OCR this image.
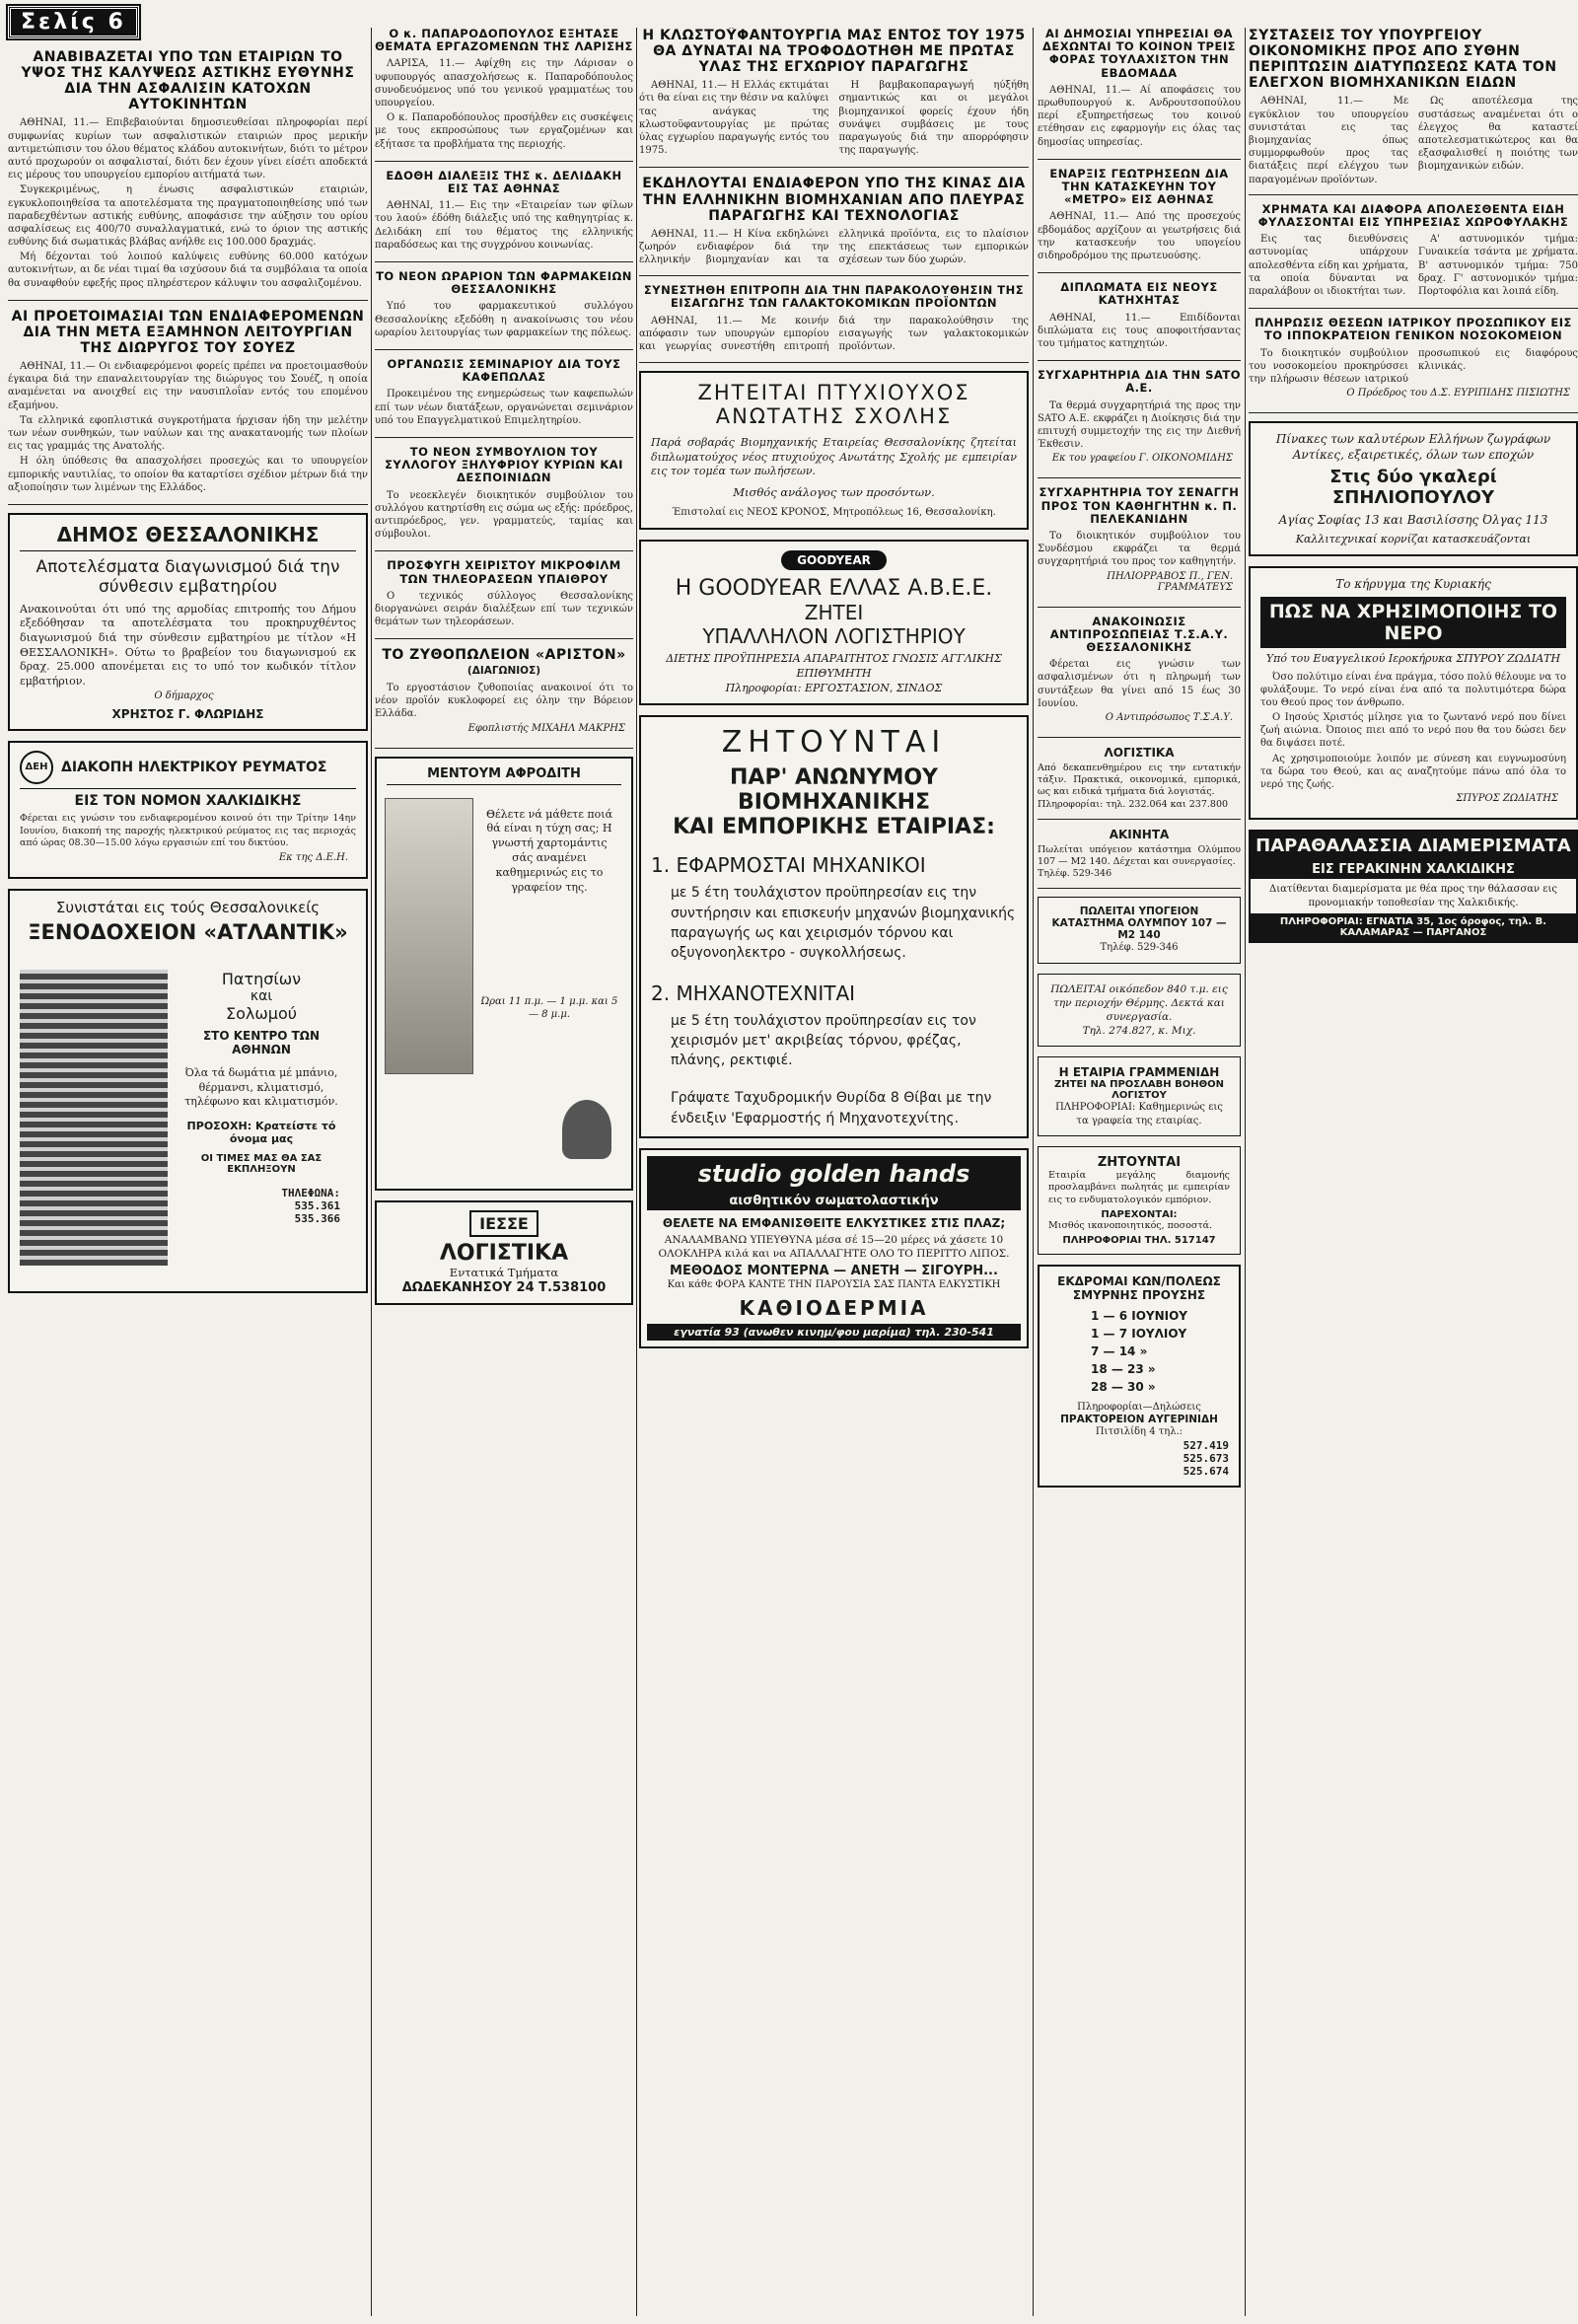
Σελίς 6
ΑΝΑΒΙΒΑΖΕΤΑΙ ΥΠΟ ΤΩΝ ΕΤΑΙΡΙΩΝ ΤΟ ΥΨΟΣ ΤΗΣ ΚΑΛΥΨΕΩΣ ΑΣΤΙΚΗΣ ΕΥΘΥΝΗΣ ΔΙΑ ΤΗΝ ΑΣΦΑΛΙΣΙΝ ΚΑΤΟΧΩΝ ΑΥΤΟΚΙΝΗΤΩΝ

ΑΘΗΝΑΙ, 11.— Επιβεβαιούνται δημοσιευθείσαι πληροφορίαι περί συμφωνίας κυρίων των ασφαλιστικών εταιριών προς μερικήν αντιμετώπισιν του όλου θέματος κλάδου αυτοκινήτων, διότι το μέτρον αυτό προχωρούν οι ασφαλισταί, διότι δεν έχουν γίνει είσέτι αποδεκτά εις μέρους του υπουργείου εμπορίου αιτήματά των.

Συγκεκριμένως, η ένωσις ασφαλιστικών εταιριών, εγκυκλοποιηθείσα τα αποτελέσματα της πραγματοποιηθείσης υπό των παραδεχθέντων αστικής ευθύνης, αποφάσισε την αύξησιν του ορίου ασφαλίσεως εις 400/70 συναλλαγματικά, ενώ το όριον της αστικής ευθύνης διά σωματικάς βλάβας ανήλθε εις 100.000 δραχμάς.

Μή δέχονται τού λοιπού καλύψεις ευθύνης 60.000 κατόχων αυτοκινήτων, αι δε νέαι τιμαί θα ισχύσουν διά τα συμβόλαια τα οποία θα συναφθούν εφεξής προς πληρέστερον κάλυψιν του ασφαλιζομένου.

ΑΙ ΠΡΟΕΤΟΙΜΑΣΙΑΙ ΤΩΝ ΕΝΔΙΑΦΕΡΟΜΕΝΩΝ ΔΙΑ ΤΗΝ ΜΕΤΑ ΕΞΑΜΗΝΟΝ ΛΕΙΤΟΥΡΓΙΑΝ ΤΗΣ ΔΙΩΡΥΓΟΣ ΤΟΥ ΣΟΥΕΖ

ΑΘΗΝΑΙ, 11.— Οι ενδιαφερόμενοι φορείς πρέπει να προετοιμασθούν έγκαιρα διά την επαναλειτουργίαν της διώρυγος του Σουέζ, η οποία αναμένεται να ανοιχθεί εις την ναυσιπλοΐαν εντός του επομένου εξαμήνου.

Τα ελληνικά εφοπλιστικά συγκροτήματα ήρχισαν ήδη την μελέτην των νέων συνθηκών, των ναύλων και της ανακατανομής των πλοίων εις τας γραμμάς της Ανατολής.

Η όλη ύπόθεσις θα απασχολήσει προσεχώς και το υπουργείον εμπορικής ναυτιλίας, το οποίον θα καταρτίσει σχέδιον μέτρων διά την αξιοποίησιν των λιμένων της Ελλάδος.

ΔΗΜΟΣ ΘΕΣΣΑΛΟΝΙΚΗΣ
Αποτελέσματα διαγωνισμού διά την σύνθεσιν εμβατηρίου
Ανακοινούται ότι υπό της αρμοδίας επιτροπής του Δήμου εξεδόθησαν τα αποτελέσματα του προκηρυχθέντος διαγωνισμού διά την σύνθεσιν εμβατηρίου με τίτλον «Η ΘΕΣΣΑΛΟΝΙΚΗ». Ούτω το βραβείον του διαγωνισμού εκ δραχ. 25.000 απονέμεται εις το υπό τον κωδικόν τίτλον εμβατήριον.
Ο δήμαρχος
ΧΡΗΣΤΟΣ Γ. ΦΛΩΡΙΔΗΣ
ΔΕΗ ΔΙΑΚΟΠΗ ΗΛΕΚΤΡΙΚΟΥ ΡΕΥΜΑΤΟΣ
ΕΙΣ ΤΟΝ ΝΟΜΟΝ ΧΑΛΚΙΔΙΚΗΣ
Φέρεται εις γνώσιν του ενδιαφερομένου κοινού ότι την Τρίτην 14ην Ιουνίου, διακοπή της παροχής ηλεκτρικού ρεύματος εις τας περιοχάς από ώρας 08.30—15.00 λόγω εργασιών επί του δικτύου.
Εκ της Δ.Ε.Η.
Συνιστάται εις τούς Θεσσαλονικείς
ΞΕΝΟΔΟΧΕΙΟΝ «ΑΤΛΑΝΤΙΚ»
Πατησίων
και
Σολωμού
ΣΤΟ ΚΕΝΤΡΟ ΤΩΝ ΑΘΗΝΩΝ
Όλα τά δωμάτια μέ μπάνιο, θέρμανσι, κλιματισμό, τηλέφωνο και κλιματισμόν.
ΠΡΟΣΟΧΗ: Κρατείστε τό όνομα μας
ΟΙ ΤΙΜΕΣ ΜΑΣ ΘΑ ΣΑΣ ΕΚΠΛΗΞΟΥΝ
ΤΗΛΕΦΩΝΑ:
535.361
535.366
Ο κ. ΠΑΠΑΡΟΔΟΠΟΥΛΟΣ ΕΞΗΤΑΣΕ ΘΕΜΑΤΑ ΕΡΓΑΖΟΜΕΝΩΝ ΤΗΣ ΛΑΡΙΣΗΣ

ΛΑΡΙΣΑ, 11.— Αφίχθη εις την Λάρισαν ο υφυπουργός απασχολήσεως κ. Παπαροδόπουλος συνοδευόμενος υπό του γενικού γραμματέως του υπουργείου.

Ο κ. Παπαροδόπουλος προσήλθεν εις συσκέψεις με τους εκπροσώπους των εργαζομένων και εξήτασε τα προβλήματα της περιοχής.

ΕΔΟΘΗ ΔΙΑΛΕΞΙΣ ΤΗΣ κ. ΔΕΛΙΔΑΚΗ ΕΙΣ ΤΑΣ ΑΘΗΝΑΣ

ΑΘΗΝΑΙ, 11.— Εις την «Εταιρείαν των φίλων του λαού» έδόθη διάλεξις υπό της καθηγητρίας κ. Δελιδάκη επί του θέματος της ελληνικής παραδόσεως και της συγχρόνου κοινωνίας.

ΤΟ ΝΕΟΝ ΩΡΑΡΙΟΝ ΤΩΝ ΦΑΡΜΑΚΕΙΩΝ ΘΕΣΣΑΛΟΝΙΚΗΣ

Υπό του φαρμακευτικού συλλόγου Θεσσαλονίκης εξεδόθη η ανακοίνωσις του νέου ωραρίου λειτουργίας των φαρμακείων της πόλεως.

ΟΡΓΑΝΩΣΙΣ ΣΕΜΙΝΑΡΙΟΥ ΔΙΑ ΤΟΥΣ ΚΑΦΕΠΩΛΑΣ

Προκειμένου της ενημερώσεως των καφεπωλών επί των νέων διατάξεων, οργανώνεται σεμινάριον υπό του Επαγγελματικού Επιμελητηρίου.

ΤΟ ΝΕΟΝ ΣΥΜΒΟΥΛΙΟΝ ΤΟΥ ΣΥΛΛΟΓΟΥ ΞΗΛΥΦΡΙΟΥ ΚΥΡΙΩΝ ΚΑΙ ΔΕΣΠΟΙΝΙΔΩΝ

Το νεοεκλεγέν διοικητικόν συμβούλιον του συλλόγου κατηρτίσθη εις σώμα ως εξής: πρόεδρος, αντιπρόεδρος, γεν. γραμματεύς, ταμίας και σύμβουλοι.

ΠΡΟΣΦΥΓΗ ΧΕΙΡΙΣΤΟΥ ΜΙΚΡΟΦΙΛΜ ΤΩΝ ΤΗΛΕΟΡΑΣΕΩΝ ΥΠΑΙΘΡΟΥ

Ο τεχνικός σύλλογος Θεσσαλονίκης διοργανώνει σειράν διαλέξεων επί των τεχνικών θεμάτων των τηλεοράσεων.

ΤΟ ΖΥΘΟΠΩΛΕΙΟΝ «ΑΡΙΣΤΟΝ»
(ΔΙΑΓΩΝΙΟΣ)

Το εργοστάσιον ζυθοποιίας ανακοινοί ότι το νέον προϊόν κυκλοφορεί εις όλην την Βόρειον Ελλάδα.

Εφοπλιστής ΜΙΧΑΗΛ ΜΑΚΡΗΣ
ΜΕΝΤΟΥΜ ΑΦΡΟΔΙΤΗ
Θέλετε νά μάθετε ποιά θά είναι η τύχη σας; Η γνωστή χαρτομάντις σάς αναμένει καθημερινώς εις το γραφείον της.
Ώραι 11 π.μ. — 1 μ.μ. και 5 — 8 μ.μ.
ΙΕΣΣΕ
ΛΟΓΙΣΤΙΚΑ
Εντατικά Τμήματα
ΔΩΔΕΚΑΝΗΣΟΥ 24 Τ.538100
Η ΚΛΩΣΤΟΫΦΑΝΤΟΥΡΓΙΑ ΜΑΣ ΕΝΤΟΣ ΤΟΥ 1975 ΘΑ ΔΥΝΑΤΑΙ ΝΑ ΤΡΟΦΟΔΟΤΗΘΗ ΜΕ ΠΡΩΤΑΣ ΥΛΑΣ ΤΗΣ ΕΓΧΩΡΙΟΥ ΠΑΡΑΓΩΓΗΣ

ΑΘΗΝΑΙ, 11.— Η Ελλάς εκτιμάται ότι θα είναι εις την θέσιν να καλύψει τας ανάγκας της κλωστοϋφαντουργίας με πρώτας ύλας εγχωρίου παραγωγής εντός του 1975.

Η βαμβακοπαραγωγή ηύξήθη σημαντικώς και οι μεγάλοι βιομηχανικοί φορείς έχουν ήδη συνάψει συμβάσεις με τους παραγωγούς διά την απορρόφησιν της παραγωγής.

ΕΚΔΗΛΟΥΤΑΙ ΕΝΔΙΑΦΕΡΟΝ ΥΠΟ ΤΗΣ ΚΙΝΑΣ ΔΙΑ ΤΗΝ ΕΛΛΗΝΙΚΗΝ ΒΙΟΜΗΧΑΝΙΑΝ ΑΠΟ ΠΛΕΥΡΑΣ ΠΑΡΑΓΩΓΗΣ ΚΑΙ ΤΕΧΝΟΛΟΓΙΑΣ

ΑΘΗΝΑΙ, 11.— Η Κίνα εκδηλώνει ζωηρόν ενδιαφέρον διά την ελληνικήν βιομηχανίαν και τα ελληνικά προϊόντα, εις το πλαίσιον της επεκτάσεως των εμπορικών σχέσεων των δύο χωρών.

ΣΥΝΕΣΤΗΘΗ ΕΠΙΤΡΟΠΗ ΔΙΑ ΤΗΝ ΠΑΡΑΚΟΛΟΥΘΗΣΙΝ ΤΗΣ ΕΙΣΑΓΩΓΗΣ ΤΩΝ ΓΑΛΑΚΤΟΚΟΜΙΚΩΝ ΠΡΟΪΟΝΤΩΝ

ΑΘΗΝΑΙ, 11.— Με κοινήν απόφασιν των υπουργών εμπορίου και γεωργίας συνεστήθη επιτροπή διά την παρακολούθησιν της εισαγωγής των γαλακτοκομικών προϊόντων.

ΖΗΤΕΙΤΑΙ ΠΤΥΧΙΟΥΧΟΣ ΑΝΩΤΑΤΗΣ ΣΧΟΛΗΣ
Παρά σοβαράς Βιομηχανικής Εταιρείας Θεσσαλονίκης ζητείται διπλωματούχος νέος πτυχιούχος Ανωτάτης Σχολής με εμπειρίαν εις τον τομέα των πωλήσεων.
Μισθός ανάλογος των προσόντων.
Έπιστολαί εις ΝΕΟΣ ΚΡΟΝΟΣ, Μητροπόλεως 16, Θεσσαλονίκη.
GOODYEAR
Η GOODYEAR ΕΛΛΑΣ Α.Β.Ε.Ε.
ΖΗΤΕΙ
ΥΠΑΛΛΗΛΟΝ ΛΟΓΙΣΤΗΡΙΟΥ
ΔΙΕΤΗΣ ΠΡΟΫΠΗΡΕΣΙΑ ΑΠΑΡΑΙΤΗΤΟΣ ΓΝΩΣΙΣ ΑΓΓΛΙΚΗΣ ΕΠΙΘΥΜΗΤΗ
Πληροφορίαι: ΕΡΓΟΣΤΑΣΙΟΝ, ΣΙΝΔΟΣ
ΖΗΤΟΥΝΤΑΙ
ΠΑΡ' ΑΝΩΝΥΜΟΥ ΒΙΟΜΗΧΑΝΙΚΗΣ
ΚΑΙ ΕΜΠΟΡΙΚΗΣ ΕΤΑΙΡΙΑΣ:
1. ΕΦΑΡΜΟΣΤΑΙ ΜΗΧΑΝΙΚΟΙ
με 5 έτη τουλάχιστον προϋπηρεσίαν εις την συντήρησιν και επισκευήν μηχανών βιομηχανικής παραγωγής ως και χειρισμόν τόρνου και οξυγονοηλεκτρο - συγκολλήσεως.
2. ΜΗΧΑΝΟΤΕΧΝΙΤΑΙ
με 5 έτη τουλάχιστον προϋπηρεσίαν εις τον χειρισμόν μετ' ακριβείας τόρνου, φρέζας, πλάνης, ρεκτιφιέ.
Γράψατε Ταχυδρομικήν Θυρίδα 8 Θίβαι με την ένδειξιν 'Εφαρμοστής ή Μηχανοτεχνίτης.
studio golden hands
αισθητικόν σωματολαστικήν
ΘΕΛΕΤΕ ΝΑ ΕΜΦΑΝΙΣΘΕΙΤΕ ΕΛΚΥΣΤΙΚΕΣ ΣΤΙΣ ΠΛΑΖ;
ΑΝΑΛΑΜΒΑΝΩ ΥΠΕΥΘΥΝΑ μέσα σέ 15—20 μέρες νά χάσετε 10 ΟΛΟΚΛΗΡΑ κιλά και να ΑΠΑΛΛΑΓΗΤΕ ΟΛΟ ΤΟ ΠΕΡΙΤΤΟ ΛΙΠΟΣ.
ΜΕΘΟΔΟΣ ΜΟΝΤΕΡΝΑ — ΑΝΕΤΗ — ΣΙΓΟΥΡΗ...
Και κάθε ΦΟΡΑ ΚΑΝΤΕ ΤΗΝ ΠΑΡΟΥΣΙΑ ΣΑΣ ΠΑΝΤΑ ΕΛΚΥΣΤΙΚΗ
ΚΑΘΙΟΔΕΡΜΙΑ
εγνατία 93 (ανωθεν κινημ/φου μαρίμα) τηλ. 230-541
ΑΙ ΔΗΜΟΣΙΑΙ ΥΠΗΡΕΣΙΑΙ ΘΑ ΔΕΧΩΝΤΑΙ ΤΟ ΚΟΙΝΟΝ ΤΡΕΙΣ ΦΟΡΑΣ ΤΟΥΛΑΧΙΣΤΟΝ ΤΗΝ ΕΒΔΟΜΑΔΑ

ΑΘΗΝΑΙ, 11.— Αί αποφάσεις του πρωθυπουργού κ. Ανδρουτσοπούλου περί εξυπηρετήσεως του κοινού ετέθησαν εις εφαρμογήν εις όλας τας δημοσίας υπηρεσίας.

ΕΝΑΡΞΙΣ ΓΕΩΤΡΗΣΕΩΝ ΔΙΑ ΤΗΝ ΚΑΤΑΣΚΕΥΗΝ ΤΟΥ «ΜΕΤΡΟ» ΕΙΣ ΑΘΗΝΑΣ

ΑΘΗΝΑΙ, 11.— Από της προσεχούς εβδομάδος αρχίζουν αι γεωτρήσεις διά την κατασκευήν του υπογείου σιδηροδρόμου της πρωτευούσης.

ΔΙΠΛΩΜΑΤΑ ΕΙΣ ΝΕΟΥΣ ΚΑΤΗΧΗΤΑΣ

ΑΘΗΝΑΙ, 11.— Επιδίδονται διπλώματα εις τους αποφοιτήσαντας του τμήματος κατηχητών.

ΣΥΓΧΑΡΗΤΗΡΙΑ ΔΙΑ ΤΗΝ SATO Α.Ε.

Τα θερμά συγχαρητήριά της προς την SATO Α.Ε. εκφράζει η Διοίκησις διά την επιτυχή συμμετοχήν της εις την Διεθνή Έκθεσιν.

Εκ του γραφείου Γ. ΟΙΚΟΝΟΜΙΔΗΣ
ΣΥΓΧΑΡΗΤΗΡΙΑ ΤΟΥ ΣΕΝΑΓΓΗ ΠΡΟΣ ΤΟΝ ΚΑΘΗΓΗΤΗΝ κ. Π. ΠΕΛΕΚΑΝΙΔΗΝ

Το διοικητικόν συμβούλιον του Συνδέσμου εκφράζει τα θερμά συγχαρητήριά του προς τον καθηγητήν.

ΠΗΛΙΟΡΡΑΒΟΣ Π., ΓΕΝ. ΓΡΑΜΜΑΤΕΥΣ
ΑΝΑΚΟΙΝΩΣΙΣ ΑΝΤΙΠΡΟΣΩΠΕΙΑΣ Τ.Σ.Α.Υ. ΘΕΣΣΑΛΟΝΙΚΗΣ

Φέρεται εις γνώσιν των ασφαλισμένων ότι η πληρωμή των συντάξεων θα γίνει από 15 έως 30 Ιουνίου.

Ο Αντιπρόσωπος Τ.Σ.Α.Υ.
ΛΟΓΙΣΤΙΚΑ
Από δεκαπενθημέρου εις την εντατικήν τάξιν. Πρακτικά, οικονομικά, εμπορικά, ως και ειδικά τμήματα διά λογιστάς.
Πληροφορίαι: τηλ. 232.064 και 237.800
ΑΚΙΝΗΤΑ
Πωλείται υπόγειον κατάστημα Ολύμπου 107 — Μ2 140. Δέχεται και συνεργασίες.
Τηλέφ. 529-346
ΠΩΛΕΙΤΑΙ ΥΠΟΓΕΙΟΝ ΚΑΤΑΣΤΗΜΑ ΟΛΥΜΠΟΥ 107 — Μ2 140
Τηλέφ. 529-346
ΠΩΛΕΙΤΑΙ οικόπεδον 840 τ.μ. εις την περιοχήν Θέρμης. Δεκτά και συνεργασία.
Τηλ. 274.827, κ. Μιχ.
Η ΕΤΑΙΡΙΑ ΓΡΑΜΜΕΝΙΔΗ
ΖΗΤΕΙ ΝΑ ΠΡΟΣΛΑΒΗ ΒΟΗΘΟΝ ΛΟΓΙΣΤΟΥ
ΠΛΗΡΟΦΟΡΙΑΙ: Καθημερινώς εις τα γραφεία της εταιρίας.
ΖΗΤΟΥΝΤΑΙ
Εταιρία μεγάλης διαμονής προσλαμβάνει πωλητάς με εμπειρίαν εις το ενδυματολογικόν εμπόριον.
ΠΑΡΕΧΟΝΤΑΙ:
Μισθός ικανοποιητικός, ποσοστά.
ΠΛΗΡΟΦΟΡΙΑΙ ΤΗΛ. 517147
ΕΚΔΡΟΜΑΙ ΚΩΝ/ΠΟΛΕΩΣ ΣΜΥΡΝΗΣ ΠΡΟΥΣΗΣ
1 — 6 ΙΟΥΝΙΟΥ
1 — 7 ΙΟΥΛΙΟΥ
7 — 14 »
18 — 23 »
28 — 30 »
Πληροφορίαι—Δηλώσεις
ΠΡΑΚΤΟΡΕΙΟΝ ΑΥΓΕΡΙΝΙΔΗ
Πιτσιλίδη 4 τηλ.:
527.419
525.673
525.674
ΣΥΣΤΑΣΕΙΣ ΤΟΥ ΥΠΟΥΡΓΕΙΟΥ ΟΙΚΟΝΟΜΙΚΗΣ ΠΡΟΣ ΑΠΟ ΣΥΘΗΝ ΠΕΡΙΠΤΩΣΙΝ ΔΙΑΤΥΠΩΣΕΩΣ ΚΑΤΑ ΤΟΝ ΕΛΕΓΧΟΝ ΒΙΟΜΗΧΑΝΙΚΩΝ ΕΙΔΩΝ

ΑΘΗΝΑΙ, 11.— Με εγκύκλιον του υπουργείου συνιστάται εις τας βιομηχανίας όπως συμμορφωθούν προς τας διατάξεις περί ελέγχου των παραγομένων προϊόντων.

Ως αποτέλεσμα της συστάσεως αναμένεται ότι ο έλεγχος θα καταστεί αποτελεσματικώτερος και θα εξασφαλισθεί η ποιότης των βιομηχανικών ειδών.

ΧΡΗΜΑΤΑ ΚΑΙ ΔΙΑΦΟΡΑ ΑΠΟΛΕΣΘΕΝΤΑ ΕΙΔΗ ΦΥΛΑΣΣΟΝΤΑΙ ΕΙΣ ΥΠΗΡΕΣΙΑΣ ΧΩΡΟΦΥΛΑΚΗΣ

Εις τας διευθύνσεις αστυνομίας υπάρχουν απολεσθέντα είδη και χρήματα, τα οποία δύνανται να παραλάβουν οι ιδιοκτήται των.

Α' αστυνομικόν τμήμα: Γυναικεία τσάντα με χρήματα. Β' αστυνομικόν τμήμα: 750 δραχ. Γ' αστυνομικόν τμήμα: Πορτοφόλια και λοιπά είδη.

ΠΛΗΡΩΣΙΣ ΘΕΣΕΩΝ ΙΑΤΡΙΚΟΥ ΠΡΟΣΩΠΙΚΟΥ ΕΙΣ ΤΟ ΙΠΠΟΚΡΑΤΕΙΟΝ ΓΕΝΙΚΟΝ ΝΟΣΟΚΟΜΕΙΟΝ

Το διοικητικόν συμβούλιον του νοσοκομείου προκηρύσσει την πλήρωσιν θέσεων ιατρικού προσωπικού εις διαφόρους κλινικάς.

Ο Πρόεδρος του Δ.Σ. ΕΥΡΙΠΙΔΗΣ ΠΙΣΙΩΤΗΣ
Πίνακες των καλυτέρων Ελλήνων ζωγράφων Αντίκες, εξαιρετικές, όλων των εποχών
Στις δύο γκαλερί ΣΠΗΛΙΟΠΟΥΛΟΥ
Αγίας Σοφίας 13 και Βασιλίσσης Όλγας 113
Καλλιτεχνικαί κορνίζαι κατασκευάζονται
Το κήρυγμα της Κυριακής
ΠΩΣ ΝΑ ΧΡΗΣΙΜΟΠΟΙΗΣ ΤΟ ΝΕΡΟ
Υπό του Ευαγγελικού Ιεροκήρυκα ΣΠΥΡΟΥ ΖΩΔΙΑΤΗ

Όσο πολύτιμο είναι ένα πράγμα, τόσο πολύ θέλουμε να το φυλάξουμε. Το νερό είναι ένα από τα πολυτιμότερα δώρα του Θεού προς τον άνθρωπο.

Ο Ιησούς Χριστός μίλησε για το ζωντανό νερό που δίνει ζωή αιώνια. Όποιος πιει από το νερό που θα του δώσει δεν θα διψάσει ποτέ.

Ας χρησιμοποιούμε λοιπόν με σύνεση και ευγνωμοσύνη τα δώρα του Θεού, και ας αναζητούμε πάνω από όλα το νερό της ζωής.

ΣΠΥΡΟΣ ΖΩΔΙΑΤΗΣ
ΠΑΡΑΘΑΛΑΣΣΙΑ ΔΙΑΜΕΡΙΣΜΑΤΑ
ΕΙΣ ΓΕΡΑΚΙΝΗΝ ΧΑΛΚΙΔΙΚΗΣ
Διατίθενται διαμερίσματα με θέα προς την θάλασσαν εις προνομιακήν τοποθεσίαν της Χαλκιδικής.
ΠΛΗΡΟΦΟΡΙΑΙ: ΕΓΝΑΤΙΑ 35, 1ος όροφος, τηλ. Β. ΚΑΛΑΜΑΡΑΣ — ΠΑΡΓΑΝΟΣ
